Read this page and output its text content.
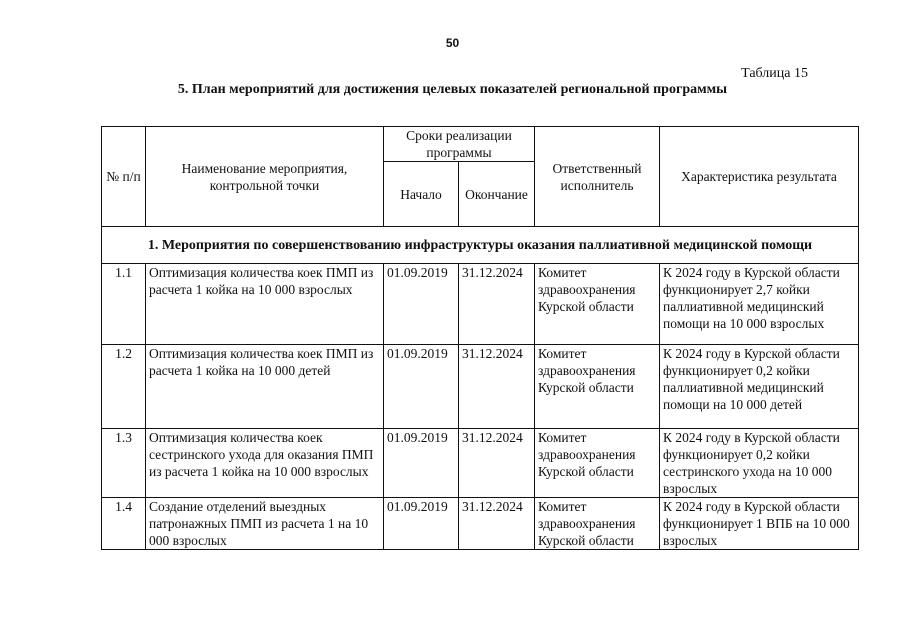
50
Таблица 15
5. План мероприятий для достижения целевых показателей региональной программы
№ п/п	Наименование мероприятия, контрольной точки	Сроки реализации программы		Ответственный исполнитель	Характеристика результата
		Начало	Окончание		
1. Мероприятия по совершенствованию инфраструктуры оказания паллиативной медицинской помощи					
1.1	Оптимизация количества коек ПМП из расчета 1 койка на 10 000 взрослых	01.09.2019	31.12.2024	Комитет здравоохранения Курской области	К 2024 году в Курской области функционирует 2,7 койки паллиативной медицинский помощи на 10 000 взрослых
1.2	Оптимизация количества коек ПМП из расчета 1 койка на 10 000 детей	01.09.2019	31.12.2024	Комитет здравоохранения Курской области	К 2024 году в Курской области функционирует 0,2 койки паллиативной медицинский помощи на 10 000 детей
1.3	Оптимизация количества коек сестринского ухода для оказания ПМП из расчета 1 койка на 10 000 взрослых	01.09.2019	31.12.2024	Комитет здравоохранения Курской области	К 2024 году в Курской области функционирует 0,2 койки сестринского ухода на 10 000 взрослых
1.4	Создание отделений выездных патронажных ПМП из расчета 1 на 10 000 взрослых	01.09.2019	31.12.2024	Комитет здравоохранения Курской области	К 2024 году в Курской области функционирует 1 ВПБ на 10 000 взрослых
